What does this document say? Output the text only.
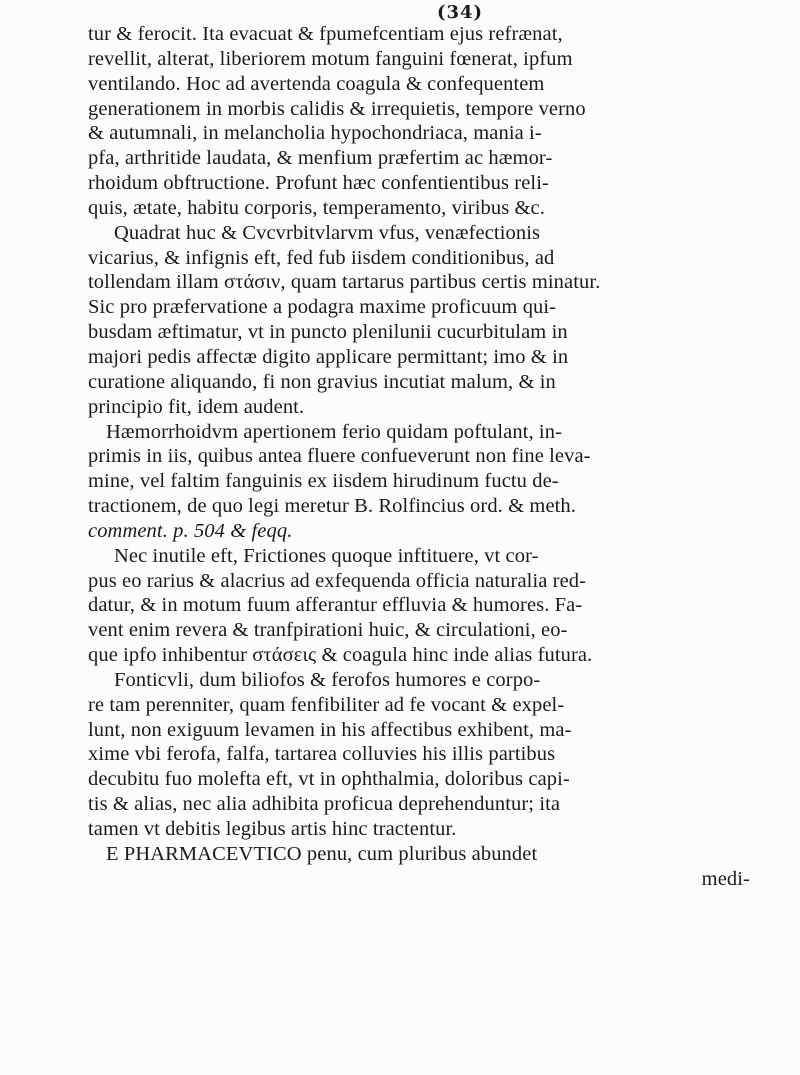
(34)
tur & ferocit. Ita evacuat & fpumefcentiam ejus refrænat,
revellit, alterat, liberiorem motum fanguini fœnerat, ipfum
ventilando. Hoc ad avertenda coagula & confequentem
generationem in morbis calidis & irrequietis, tempore verno
& autumnali, in melancholia hypochondriaca, mania i-
pfa, arthritide laudata, & menfium præfertim ac hæmor-
rhoidum obftructione. Profunt hæc confentientibus reli-
quis, ætate, habitu corporis, temperamento, viribus &c.
Quadrat huc & Cvcvrbitvlarvm vfus, venæfectionis
vicarius, & infignis eft, fed fub iisdem conditionibus, ad
tollendam illam στάσιν, quam tartarus partibus certis minatur.
Sic pro præfervatione a podagra maxime proficuum qui-
busdam æftimatur, vt in puncto plenilunii cucurbitulam in
majori pedis affectæ digito applicare permittant; imo & in
curatione aliquando, fi non gravius incutiat malum, & in
principio fit, idem audent.
Hæmorrhoidvm apertionem ferio quidam poftulant, in-
primis in iis, quibus antea fluere confueverunt non fine leva-
mine, vel faltim fanguinis ex iisdem hirudinum fuctu de-
tractionem, de quo legi meretur B. Rolfincius ord. & meth.
comment. p. 504 & feqq.
Nec inutile eft, Frictiones quoque inftituere, vt cor-
pus eo rarius & alacrius ad exfequenda officia naturalia red-
datur, & in motum fuum afferantur effluvia & humores. Fa-
vent enim revera & tranfpirationi huic, & circulationi, eo-
que ipfo inhibentur στάσεις & coagula hinc inde alias futura.
Fonticvli, dum biliofos & ferofos humores e corpo-
re tam perenniter, quam fenfibiliter ad fe vocant & expel-
lunt, non exiguum levamen in his affectibus exhibent, ma-
xime vbi ferofa, falfa, tartarea colluvies his illis partibus
decubitu fuo molefta eft, vt in ophthalmia, doloribus capi-
tis & alias, nec alia adhibita proficua deprehenduntur; ita
tamen vt debitis legibus artis hinc tractentur.
E PHARMACEVTICO penu, cum pluribus abundet
medi-
